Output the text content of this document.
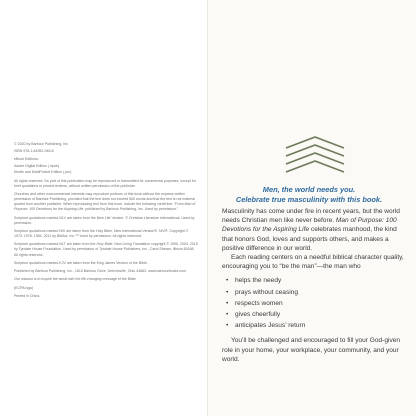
© 2020 by Barbour Publishing, Inc.

ISBN 978-1-64352-948-6

eBook Editions:

Adobe Digital Edition (.epub)

Kindle and MobiPocket Edition (.prc)

All rights reserved. No part of this publication may be reproduced or transmitted for commercial purposes, except for brief quotations in printed reviews, without written permission of the publisher.

Churches and other noncommercial interests may reproduce portions of this book without the express written permission of Barbour Publishing, provided that the text does not exceed 500 words and that the text is not material quoted from another publisher. When reproducing text from this book, include the following credit line: “From Man of Purpose: 100 Devotions for the Aspiring Life, published by Barbour Publishing, Inc. Used by permission.”

Scripture quotations marked NLV are taken from the New Life Version. © Christian Literature International. Used by permission.

Scripture quotations marked NIV are taken from the Holy Bible, New International Version®, NIV®. Copyright © 1973, 1978, 1984, 2011 by Biblica, Inc.™ Used by permission. All rights reserved.

Scripture quotations marked NLT are taken from the Holy Bible, New Living Translation copyright © 1996, 2004, 2015 by Tyndale House Foundation. Used by permission of Tyndale House Publishers, Inc., Carol Stream, Illinois 60188. All rights reserved.

Scripture quotations marked KJV are taken from the King James Version of the Bible.

Published by Barbour Publishing, Inc., 1810 Barbour Drive, Uhrichsville, Ohio 44683, www.barbourbooks.com

Our mission is to inspire the world with the life-changing message of the Bible.

(ECPA logo)

Printed in China.

Men, the world needs you.
Celebrate true masculinity with this book.

Masculinity has come under fire in recent years, but the world needs Christian men like never before. Man of Purpose: 100 Devotions for the Aspiring Life celebrates manhood, the kind that honors God, loves and supports others, and makes a positive difference in our world.

Each reading centers on a needful biblical character quality, encouraging you to “be the man”—the man who

• helps the needy
• prays without ceasing
• respects women
• gives cheerfully
• anticipates Jesus’ return

You’ll be challenged and encouraged to fill your God-given role in your home, your workplace, your community, and your world.
